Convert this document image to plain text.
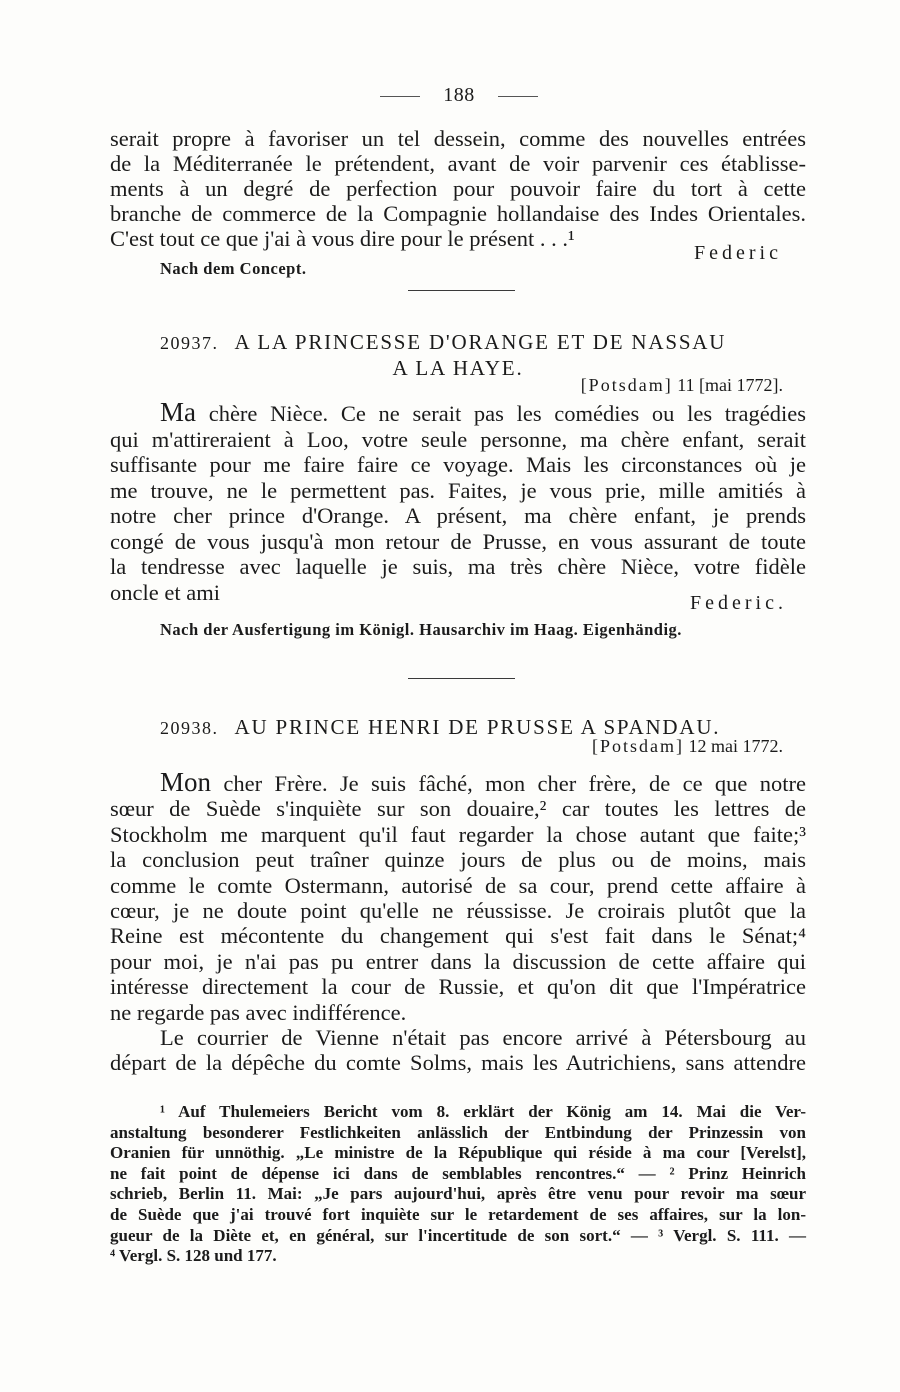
188
serait propre à favoriser un tel dessein, comme des nouvelles entrées
de la Méditerranée le prétendent, avant de voir parvenir ces établisse-
ments à un degré de perfection pour pouvoir faire du tort à cette
branche de commerce de la Compagnie hollandaise des Indes Orientales.
C'est tout ce que j'ai à vous dire pour le présent . . .¹
Federic
Nach dem Concept.
20937. A LA PRINCESSE D'ORANGE ET DE NASSAU
A LA HAYE.
[Potsdam] 11 [mai 1772].
Ma chère Nièce. Ce ne serait pas les comédies ou les tragédies
qui m'attireraient à Loo, votre seule personne, ma chère enfant, serait
suffisante pour me faire faire ce voyage. Mais les circonstances où je
me trouve, ne le permettent pas. Faites, je vous prie, mille amitiés à
notre cher prince d'Orange. A présent, ma chère enfant, je prends
congé de vous jusqu'à mon retour de Prusse, en vous assurant de toute
la tendresse avec laquelle je suis, ma très chère Nièce, votre fidèle
oncle et ami	Federic.
Nach der Ausfertigung im Königl. Hausarchiv im Haag. Eigenhändig.
20938. AU PRINCE HENRI DE PRUSSE A SPANDAU.
[Potsdam] 12 mai 1772.
Mon cher Frère. Je suis fâché, mon cher frère, de ce que notre
sœur de Suède s'inquiète sur son douaire,² car toutes les lettres de
Stockholm me marquent qu'il faut regarder la chose autant que faite;³
la conclusion peut traîner quinze jours de plus ou de moins, mais
comme le comte Ostermann, autorisé de sa cour, prend cette affaire à
cœur, je ne doute point qu'elle ne réussisse. Je croirais plutôt que la
Reine est mécontente du changement qui s'est fait dans le Sénat;⁴
pour moi, je n'ai pas pu entrer dans la discussion de cette affaire qui
intéresse directement la cour de Russie, et qu'on dit que l'Impératrice
ne regarde pas avec indifférence.
Le courrier de Vienne n'était pas encore arrivé à Pétersbourg au
départ de la dépêche du comte Solms, mais les Autrichiens, sans attendre
¹ Auf Thulemeiers Bericht vom 8. erklärt der König am 14. Mai die Ver-
anstaltung besonderer Festlichkeiten anlässlich der Entbindung der Prinzessin von
Oranien für unnöthig. „Le ministre de la République qui réside à ma cour [Verelst],
ne fait point de dépense ici dans de semblables rencontres.“ — ² Prinz Heinrich
schrieb, Berlin 11. Mai: „Je pars aujourd'hui, après être venu pour revoir ma sœur
de Suède que j'ai trouvé fort inquiète sur le retardement de ses affaires, sur la lon-
gueur de la Diète et, en général, sur l'incertitude de son sort.“ — ³ Vergl. S. 111. —
⁴ Vergl. S. 128 und 177.
